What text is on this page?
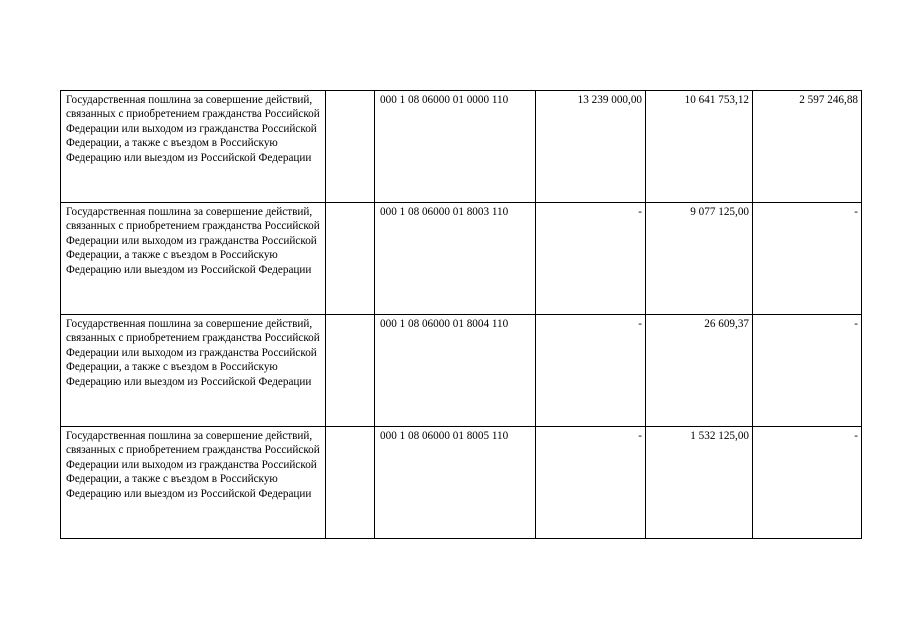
Государственная пошлина за совершение действий, связанных с приобретением гражданства Российской Федерации или выходом из гражданства Российской Федерации, а также с въездом в Российскую Федерацию или выездом из Российской Федерации		000 1 08 06000 01 0000 110	13 239 000,00	10 641 753,12	2 597 246,88
Государственная пошлина за совершение действий, связанных с приобретением гражданства Российской Федерации или выходом из гражданства Российской Федерации, а также с въездом в Российскую Федерацию или выездом из Российской Федерации		000 1 08 06000 01 8003 110	-	9 077 125,00	-
Государственная пошлина за совершение действий, связанных с приобретением гражданства Российской Федерации или выходом из гражданства Российской Федерации, а также с въездом в Российскую Федерацию или выездом из Российской Федерации		000 1 08 06000 01 8004 110	-	26 609,37	-
Государственная пошлина за совершение действий, связанных с приобретением гражданства Российской Федерации или выходом из гражданства Российской Федерации, а также с въездом в Российскую Федерацию или выездом из Российской Федерации		000 1 08 06000 01 8005 110	-	1 532 125,00	-
